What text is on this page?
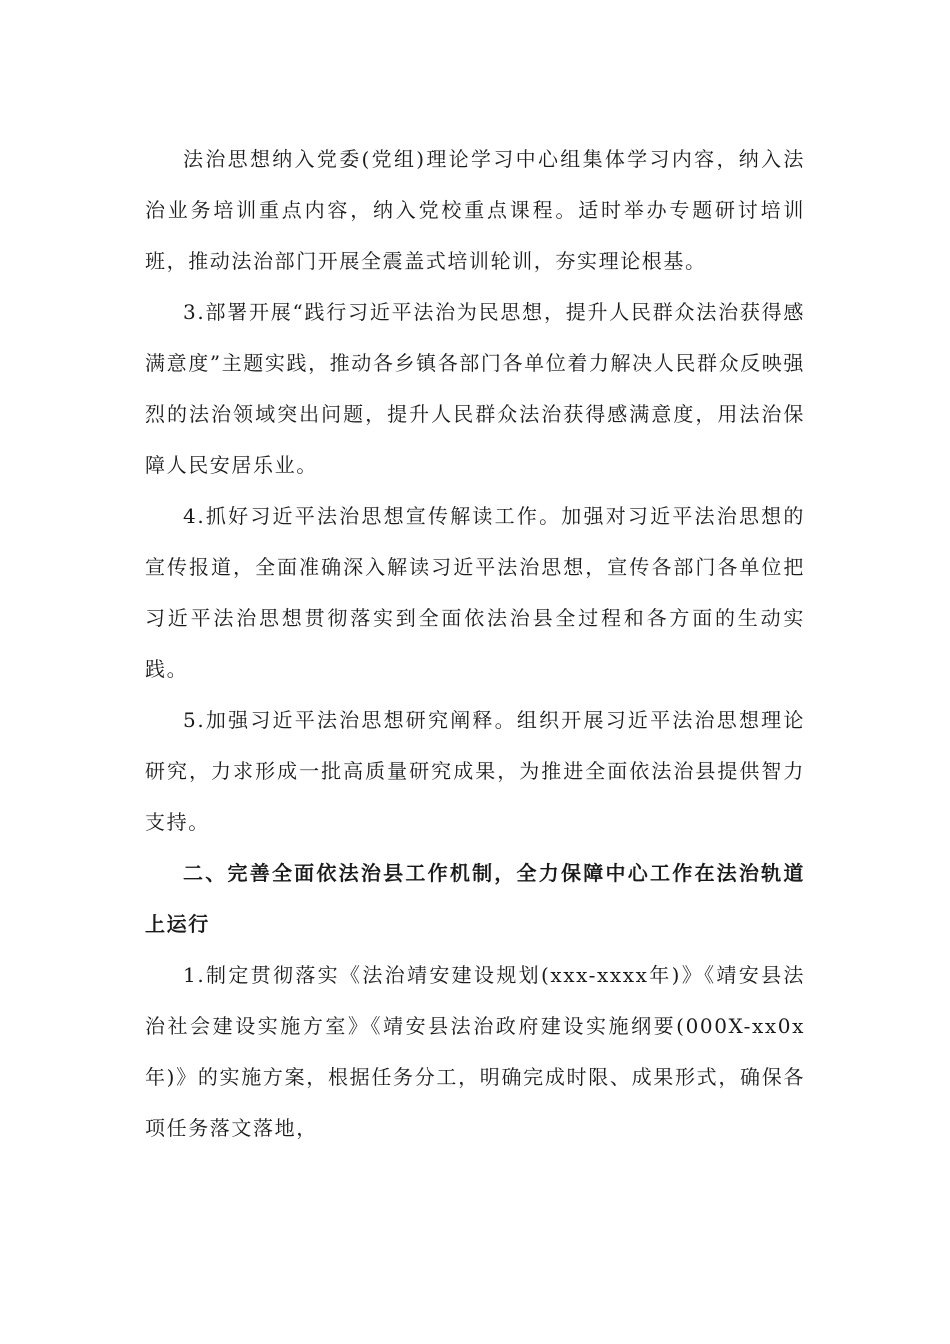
法治思想纳入党委(党组)理论学习中心组集体学习内容，纳入法治业务培训重点内容，纳入党校重点课程。适时举办专题研讨培训班，推动法治部门开展全震盖式培训轮训，夯实理论根基。

3.部署开展“践行习近平法治为民思想，提升人民群众法治获得感满意度”主题实践，推动各乡镇各部门各单位着力解决人民群众反映强烈的法治领域突出问题，提升人民群众法治获得感满意度，用法治保障人民安居乐业。

4.抓好习近平法治思想宣传解读工作。加强对习近平法治思想的宣传报道，全面准确深入解读习近平法治思想，宣传各部门各单位把习近平法治思想贯彻落实到全面依法治县全过程和各方面的生动实践。

5.加强习近平法治思想研究阐释。组织开展习近平法治思想理论研究，力求形成一批高质量研究成果，为推进全面依法治县提供智力支持。

二、完善全面依法治县工作机制，全力保障中心工作在法治轨道上运行

1.制定贯彻落实《法治靖安建设规划(xxx-xxxx年)》《靖安县法治社会建设实施方室》《靖安县法治政府建设实施纲要(000X-xx0x年)》的实施方案，根据任务分工，明确完成时限、成果形式，确保各项任务落文落地，
